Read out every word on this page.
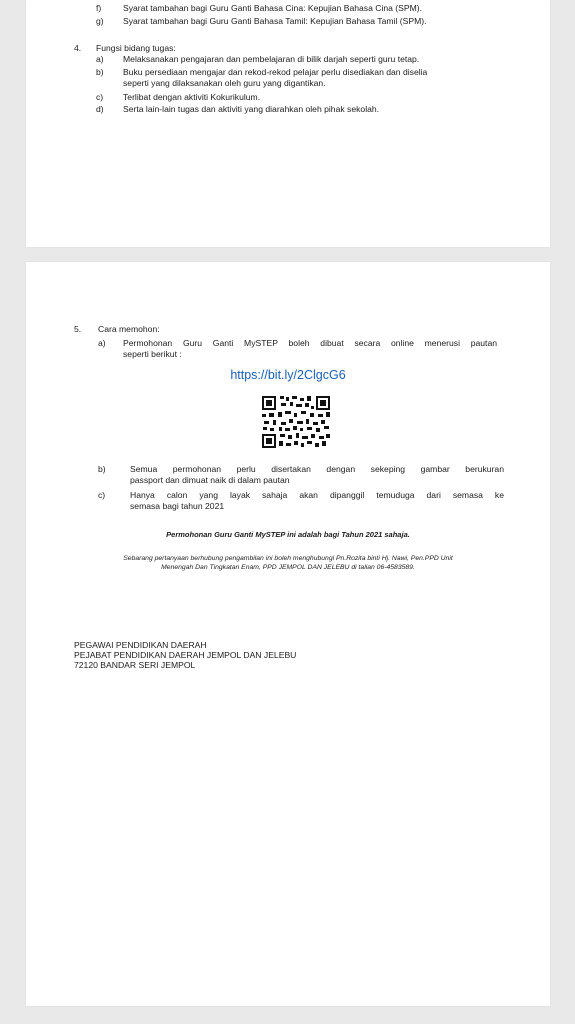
f)	Syarat tambahan bagi Guru Ganti Bahasa Cina: Kepujian Bahasa Cina (SPM).
g) Syarat tambahan bagi Guru Ganti Bahasa Tamil: Kepujian Bahasa Tamil (SPM).
4. Fungsi bidang tugas:
a) Melaksanakan pengajaran dan pembelajaran di bilik darjah seperti guru tetap.
b) Buku persediaan mengajar dan rekod-rekod pelajar perlu disediakan dan diselia
seperti yang dilaksanakan oleh guru yang digantikan.
c) Terlibat dengan aktiviti Kokurikulum.
d) Serta lain-lain tugas dan aktiviti yang diarahkan oleh pihak sekolah.
5. Cara memohon:
a) Permohonan Guru Ganti MySTEP boleh dibuat secara online menerusi pautan
seperti berikut :
https://bit.ly/2ClgcG6
b)	Semua permohonan perlu disertakan dengan sekeping gambar berukuran
passport dan dimuat naik di dalam pautan
c)	Hanya calon yang layak sahaja akan dipanggil temuduga dari semasa ke
semasa bagi tahun 2021
Permohonan Guru Ganti MySTEP ini adalah bagi Tahun 2021 sahaja.
Sebarang pertanyaan berhubung pengambilan ini boleh menghubungi Pn.Rozita binti Hj. Nawi, Pen.PPD Unit
Menengah Dan Tingkatan Enam, PPD JEMPOL DAN JELEBU di talian 06-4583589.
PEGAWAI PENDIDIKAN DAERAH
PEJABAT PENDIDIKAN DAERAH JEMPOL DAN JELEBU
72120 BANDAR SERI JEMPOL
